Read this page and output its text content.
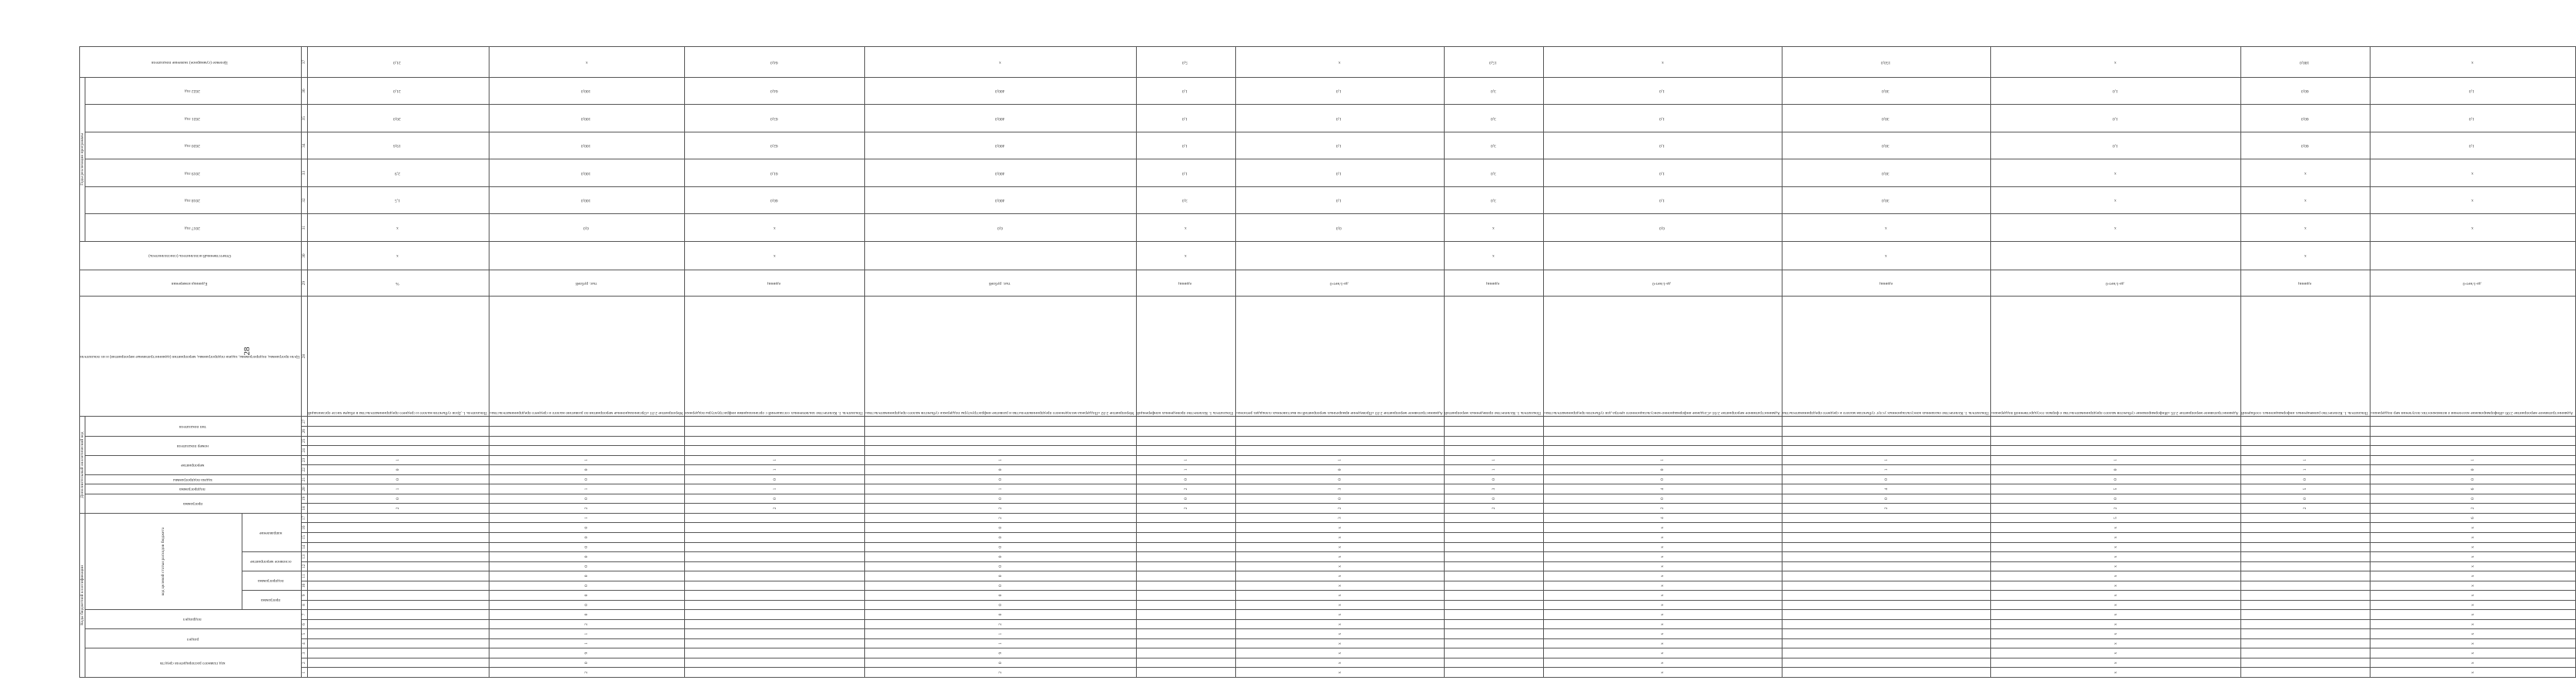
28
Коды бюджетной классификации																	Дополнительный аналитический код										Цели программы, подпрограммы, задачи подпрограммы, мероприятия (административные мероприятия) и их показатели	Единица измерения	Ответственный исполнитель (соисполнитель)	Годы реализации программы						Целевое (суммарное) значение показателя
код главного распорядителя средств			раздел		подраздел		код целевой статьи расходов бюджета										программа		подпрограмма	задача подпрограммы	мероприятие		номер показателя		тип показателя					2017 год	2018 год	2019 год	2020 год	2021 год	2022 год	
							программа		подпрограмма		основное мероприятие		направление																							
1	2	3	4	5	6	7	8	9	10	11	12	13	14	15	16	17	18	19	20	21	22	23	24	25	26	27	28	29	30	31	32	33	34	35	36	37
																	2	0	1	0	0	1					Показатель 1. Доля субъектов малого и среднего предпринимательства в общем числе организаций	%	х	х	1,5	2,9	19,6	20,0	21,0	21,0
2	0	9	1	1	2	0	0	0	0	0	0	0	0	0	0	1	2	0	1	0	0	1					Мероприятие 2.01 «Организационные мероприятия по развитию малого и среднего предпринимательства»	тыс. рублей		0,0	100,0	100,0	100,0	100,0	100,0	х
																	2	0	1	0	1	1					Показатель 1. Количество заключенных соглашений с организациями инфраструктуры поддержки	единиц	х	х	60,0	61,0	62,0	63,0	64,0	64,0
2	0	9	1	1	2	0	0	0	0	0	0	0	0	0	0	2	2	0	1	0	0	1					Мероприятие 2.02 «Поддержка молодежного предпринимательства и развитие инфраструктуры поддержки субъектов малого предпринимательства»	тыс. рублей		0,0	400,0	400,0	400,0	400,0	400,0	х
																	2	0	2	0	1	1					Показатель 1. Количество проведенных конференций	единиц	х	х	3,0	1,0	1,0	1,0	1,0	5,0
х	х	х	х	х	х	х	х	х	х	х	х	х	х	х	х	3	2	0	3	0	0	1					Административное мероприятие 2.03 «Проведение ярмарочных мероприятий на выставочных площадях региона»	да-1/нет-0		0,0	1,0	1,0	1,0	1,0	1,0	х
																	2	0	3	0	1	1					Показатель 1. Количество проведенных мероприятий	единиц	х	х	3,0	3,0	3,0	3,0	3,0	15,0
х	х	х	х	х	х	х	х	х	х	х	х	х	х	х	х	4	2	0	4	0	0	1					Административное мероприятие 2.04 «Создание информационно-консультационного центра для субъектов предпринимательства»	да-1/нет-0		0,0	1,0	1,0	1,0	1,0	1,0	х
																	2	0	4	0	1	1					Показатель 1. Количество оказанных консультационных услуг субъектам малого и среднего предпринимательства	единиц	х	х	30,0	30,0	30,0	30,0	30,0	150,0
х	х	х	х	х	х	х	х	х	х	х	х	х	х	х	х	5	2	0	5	0	0	1					Административное мероприятие 2.05 «Информирование субъектов малого предпринимательства о формах государственной поддержки»	да-1/нет-0		х	х	х	1,0	1,0	1,0	х
																	2	0	5	0	1	1					Показатель 1. Количество размещенных информационных сообщений	единиц	х	х	х	х	60,0	60,0	60,0	180,0
х	х	х	х	х	х	х	х	х	х	х	х	х	х	х	х	6	2	0	6	0	0	1					Административное мероприятие 2.06 «Информирование населения о возможностях получения мер поддержки»	да-1/нет-0		х	х	х	1,0	1,0	1,0	х
